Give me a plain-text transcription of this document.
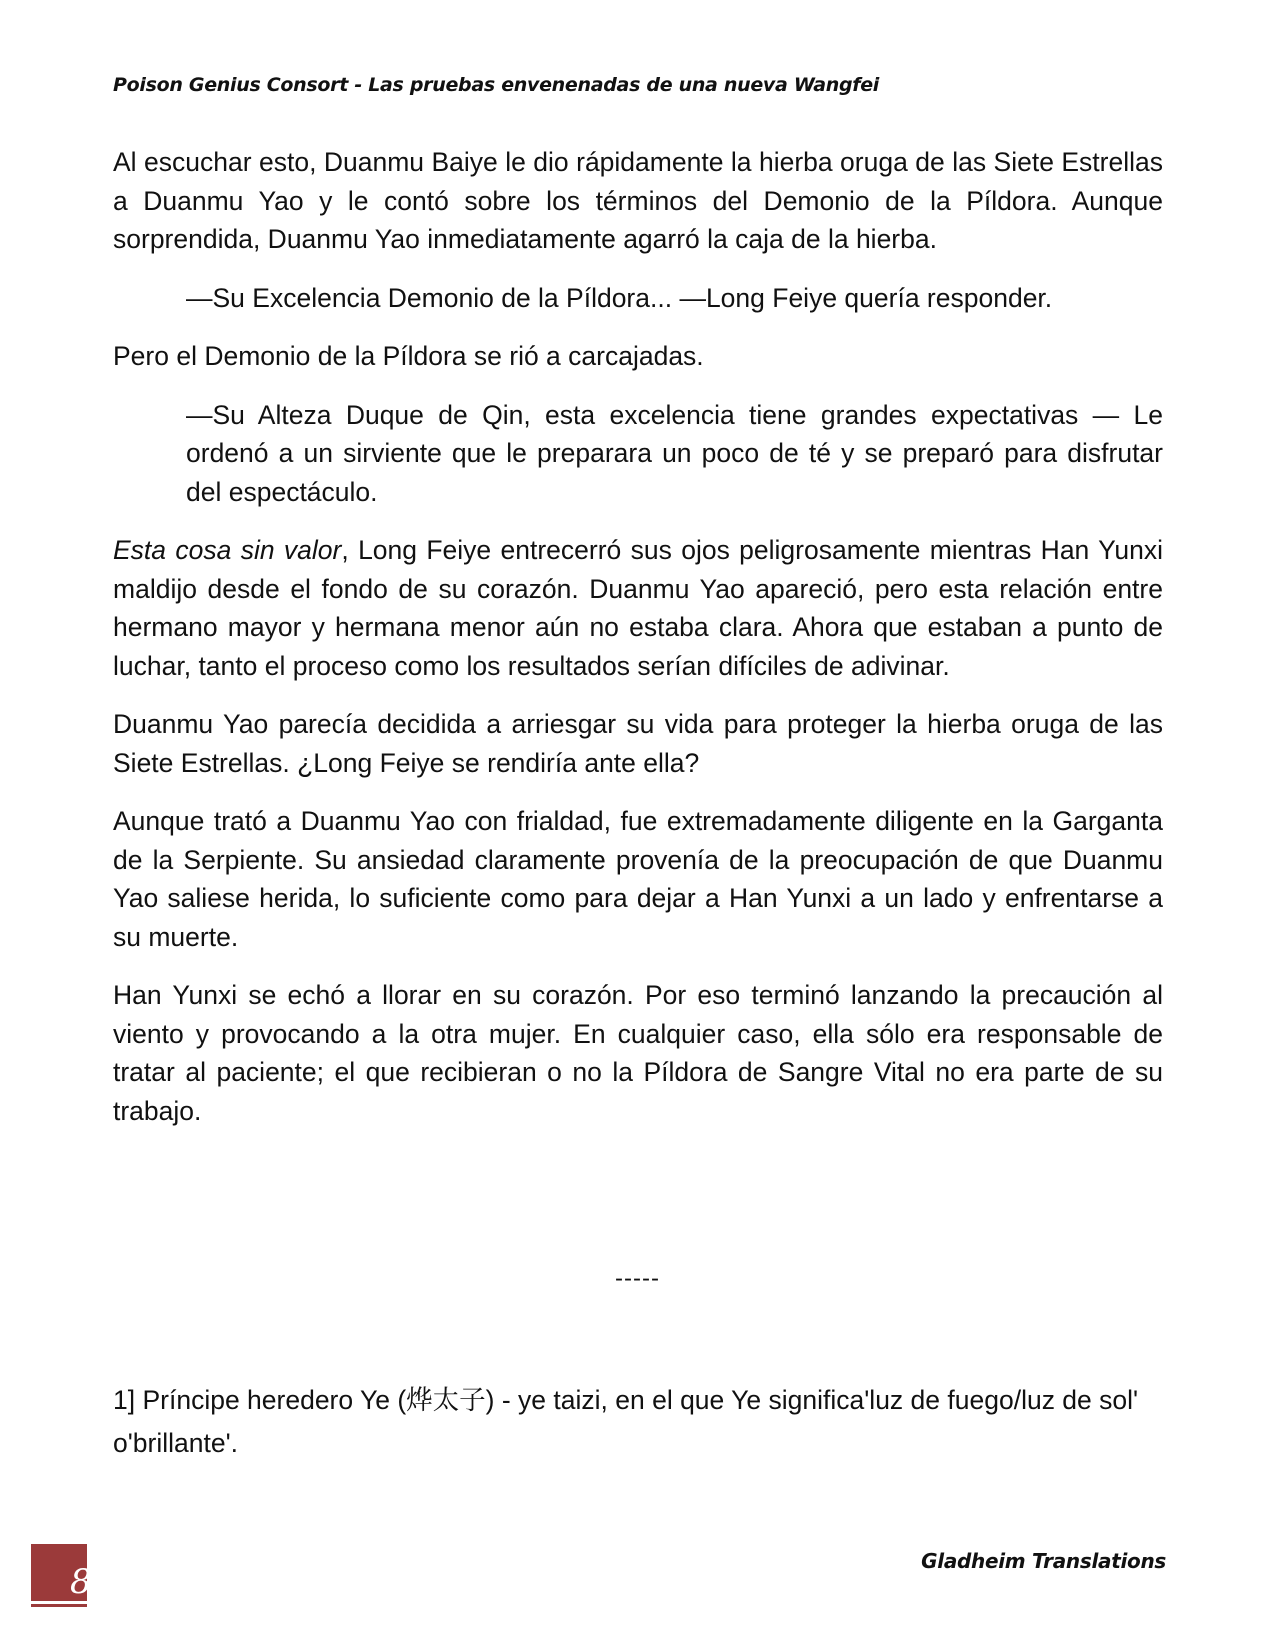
Poison Genius Consort - Las pruebas envenenadas de una nueva Wangfei

Al escuchar esto, Duanmu Baiye le dio rápidamente la hierba oruga de las Siete Estrellas a Duanmu Yao y le contó sobre los términos del Demonio de la Píldora. Aunque sorprendida, Duanmu Yao inmediatamente agarró la caja de la hierba.

—Su Excelencia Demonio de la Píldora... —Long Feiye quería responder.

Pero el Demonio de la Píldora se rió a carcajadas.

—Su Alteza Duque de Qin, esta excelencia tiene grandes expectativas — Le ordenó a un sirviente que le preparara un poco de té y se preparó para disfrutar del espectáculo.

Esta cosa sin valor, Long Feiye entrecerró sus ojos peligrosamente mientras Han Yunxi maldijo desde el fondo de su corazón. Duanmu Yao apareció, pero esta relación entre hermano mayor y hermana menor aún no estaba clara. Ahora que estaban a punto de luchar, tanto el proceso como los resultados serían difíciles de adivinar.

Duanmu Yao parecía decidida a arriesgar su vida para proteger la hierba oruga de las Siete Estrellas. ¿Long Feiye se rendiría ante ella?

Aunque trató a Duanmu Yao con frialdad, fue extremadamente diligente en la Garganta de la Serpiente. Su ansiedad claramente provenía de la preocupación de que Duanmu Yao saliese herida, lo suficiente como para dejar a Han Yunxi a un lado y enfrentarse a su muerte.

Han Yunxi se echó a llorar en su corazón. Por eso terminó lanzando la precaución al viento y provocando a la otra mujer. En cualquier caso, ella sólo era responsable de tratar al paciente; el que recibieran o no la Píldora de Sangre Vital no era parte de su trabajo.

-----
1] Príncipe heredero Ye (烨太子) - ye taizi, en el que Ye significa'luz de fuego/luz de sol' o'brillante'.
8
Gladheim Translations
